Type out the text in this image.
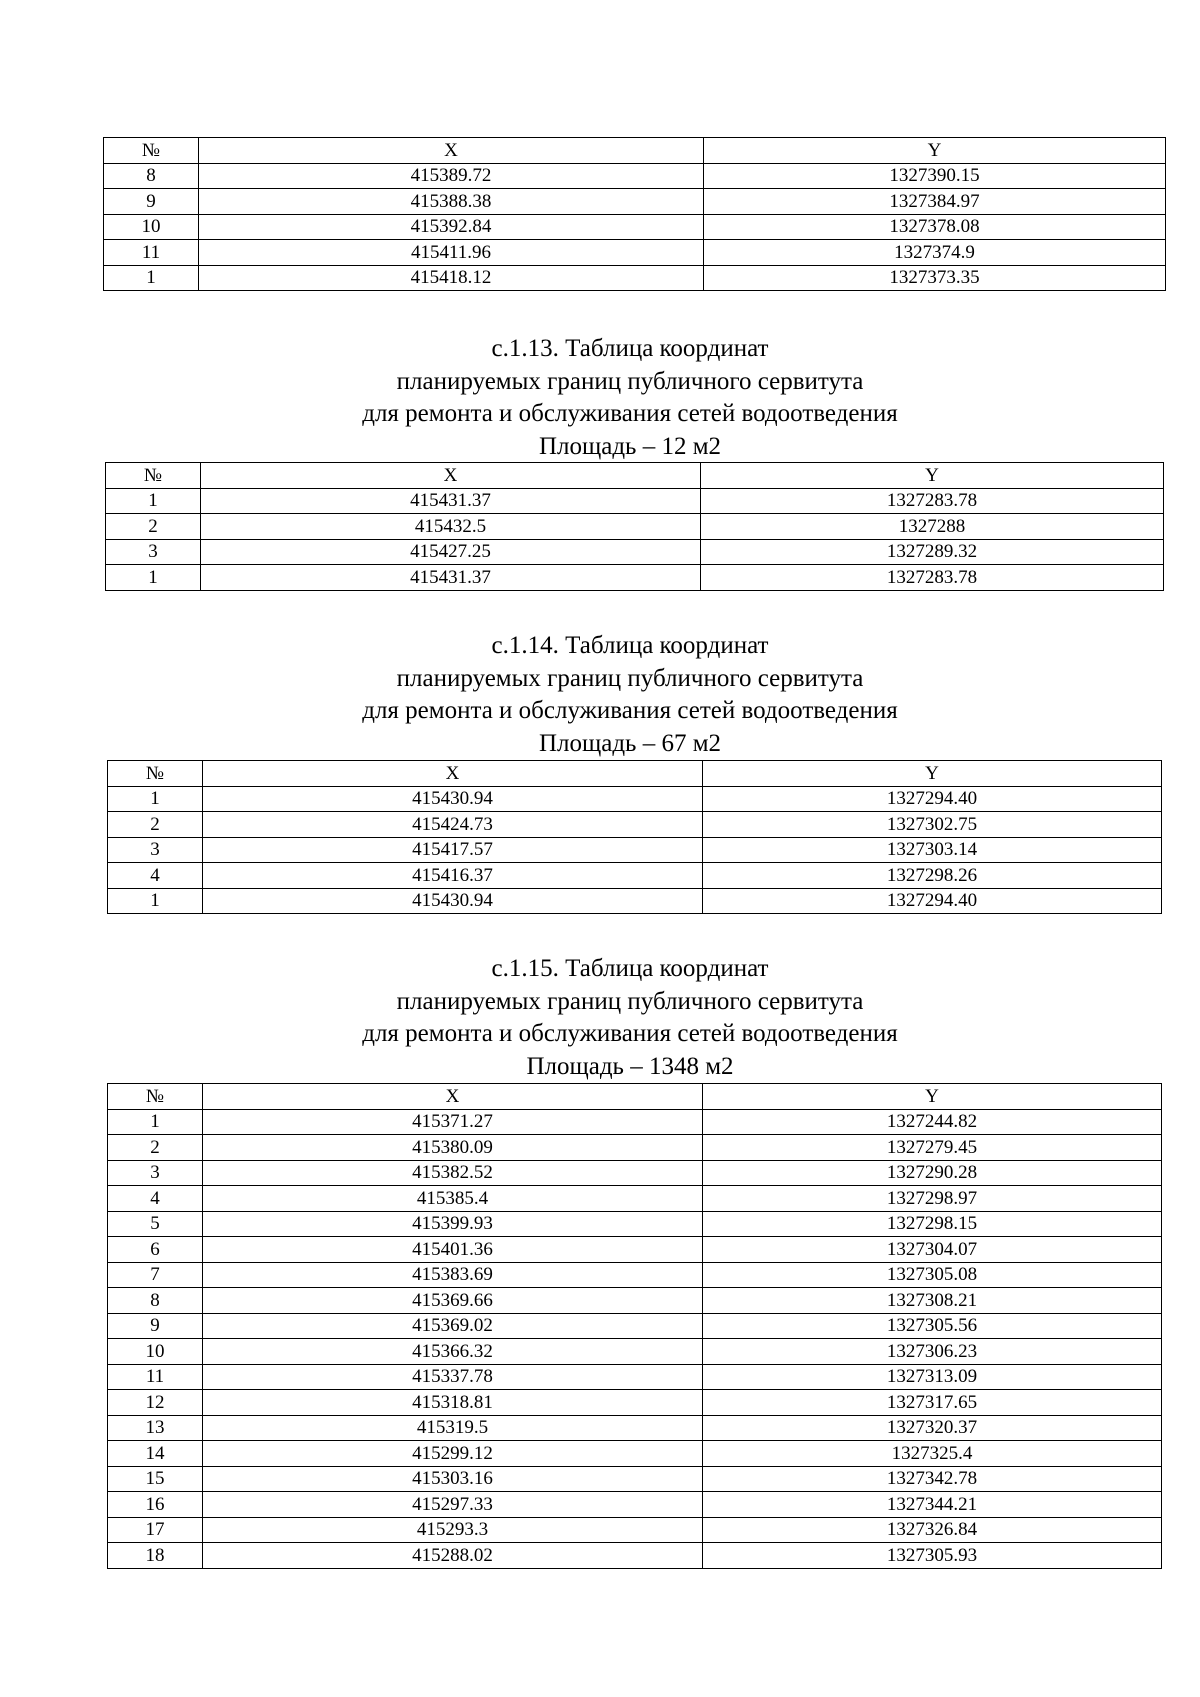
№	X	Y
8	415389.72	1327390.15
9	415388.38	1327384.97
10	415392.84	1327378.08
11	415411.96	1327374.9
1	415418.12	1327373.35
с.1.13. Таблица координат
планируемых границ публичного сервитута
для ремонта и обслуживания сетей водоотведения
Площадь – 12 м2
№	X	Y
1	415431.37	1327283.78
2	415432.5	1327288
3	415427.25	1327289.32
1	415431.37	1327283.78
с.1.14. Таблица координат
планируемых границ публичного сервитута
для ремонта и обслуживания сетей водоотведения
Площадь – 67 м2
№	X	Y
1	415430.94	1327294.40
2	415424.73	1327302.75
3	415417.57	1327303.14
4	415416.37	1327298.26
1	415430.94	1327294.40
с.1.15. Таблица координат
планируемых границ публичного сервитута
для ремонта и обслуживания сетей водоотведения
Площадь – 1348 м2
№	X	Y
1	415371.27	1327244.82
2	415380.09	1327279.45
3	415382.52	1327290.28
4	415385.4	1327298.97
5	415399.93	1327298.15
6	415401.36	1327304.07
7	415383.69	1327305.08
8	415369.66	1327308.21
9	415369.02	1327305.56
10	415366.32	1327306.23
11	415337.78	1327313.09
12	415318.81	1327317.65
13	415319.5	1327320.37
14	415299.12	1327325.4
15	415303.16	1327342.78
16	415297.33	1327344.21
17	415293.3	1327326.84
18	415288.02	1327305.93
